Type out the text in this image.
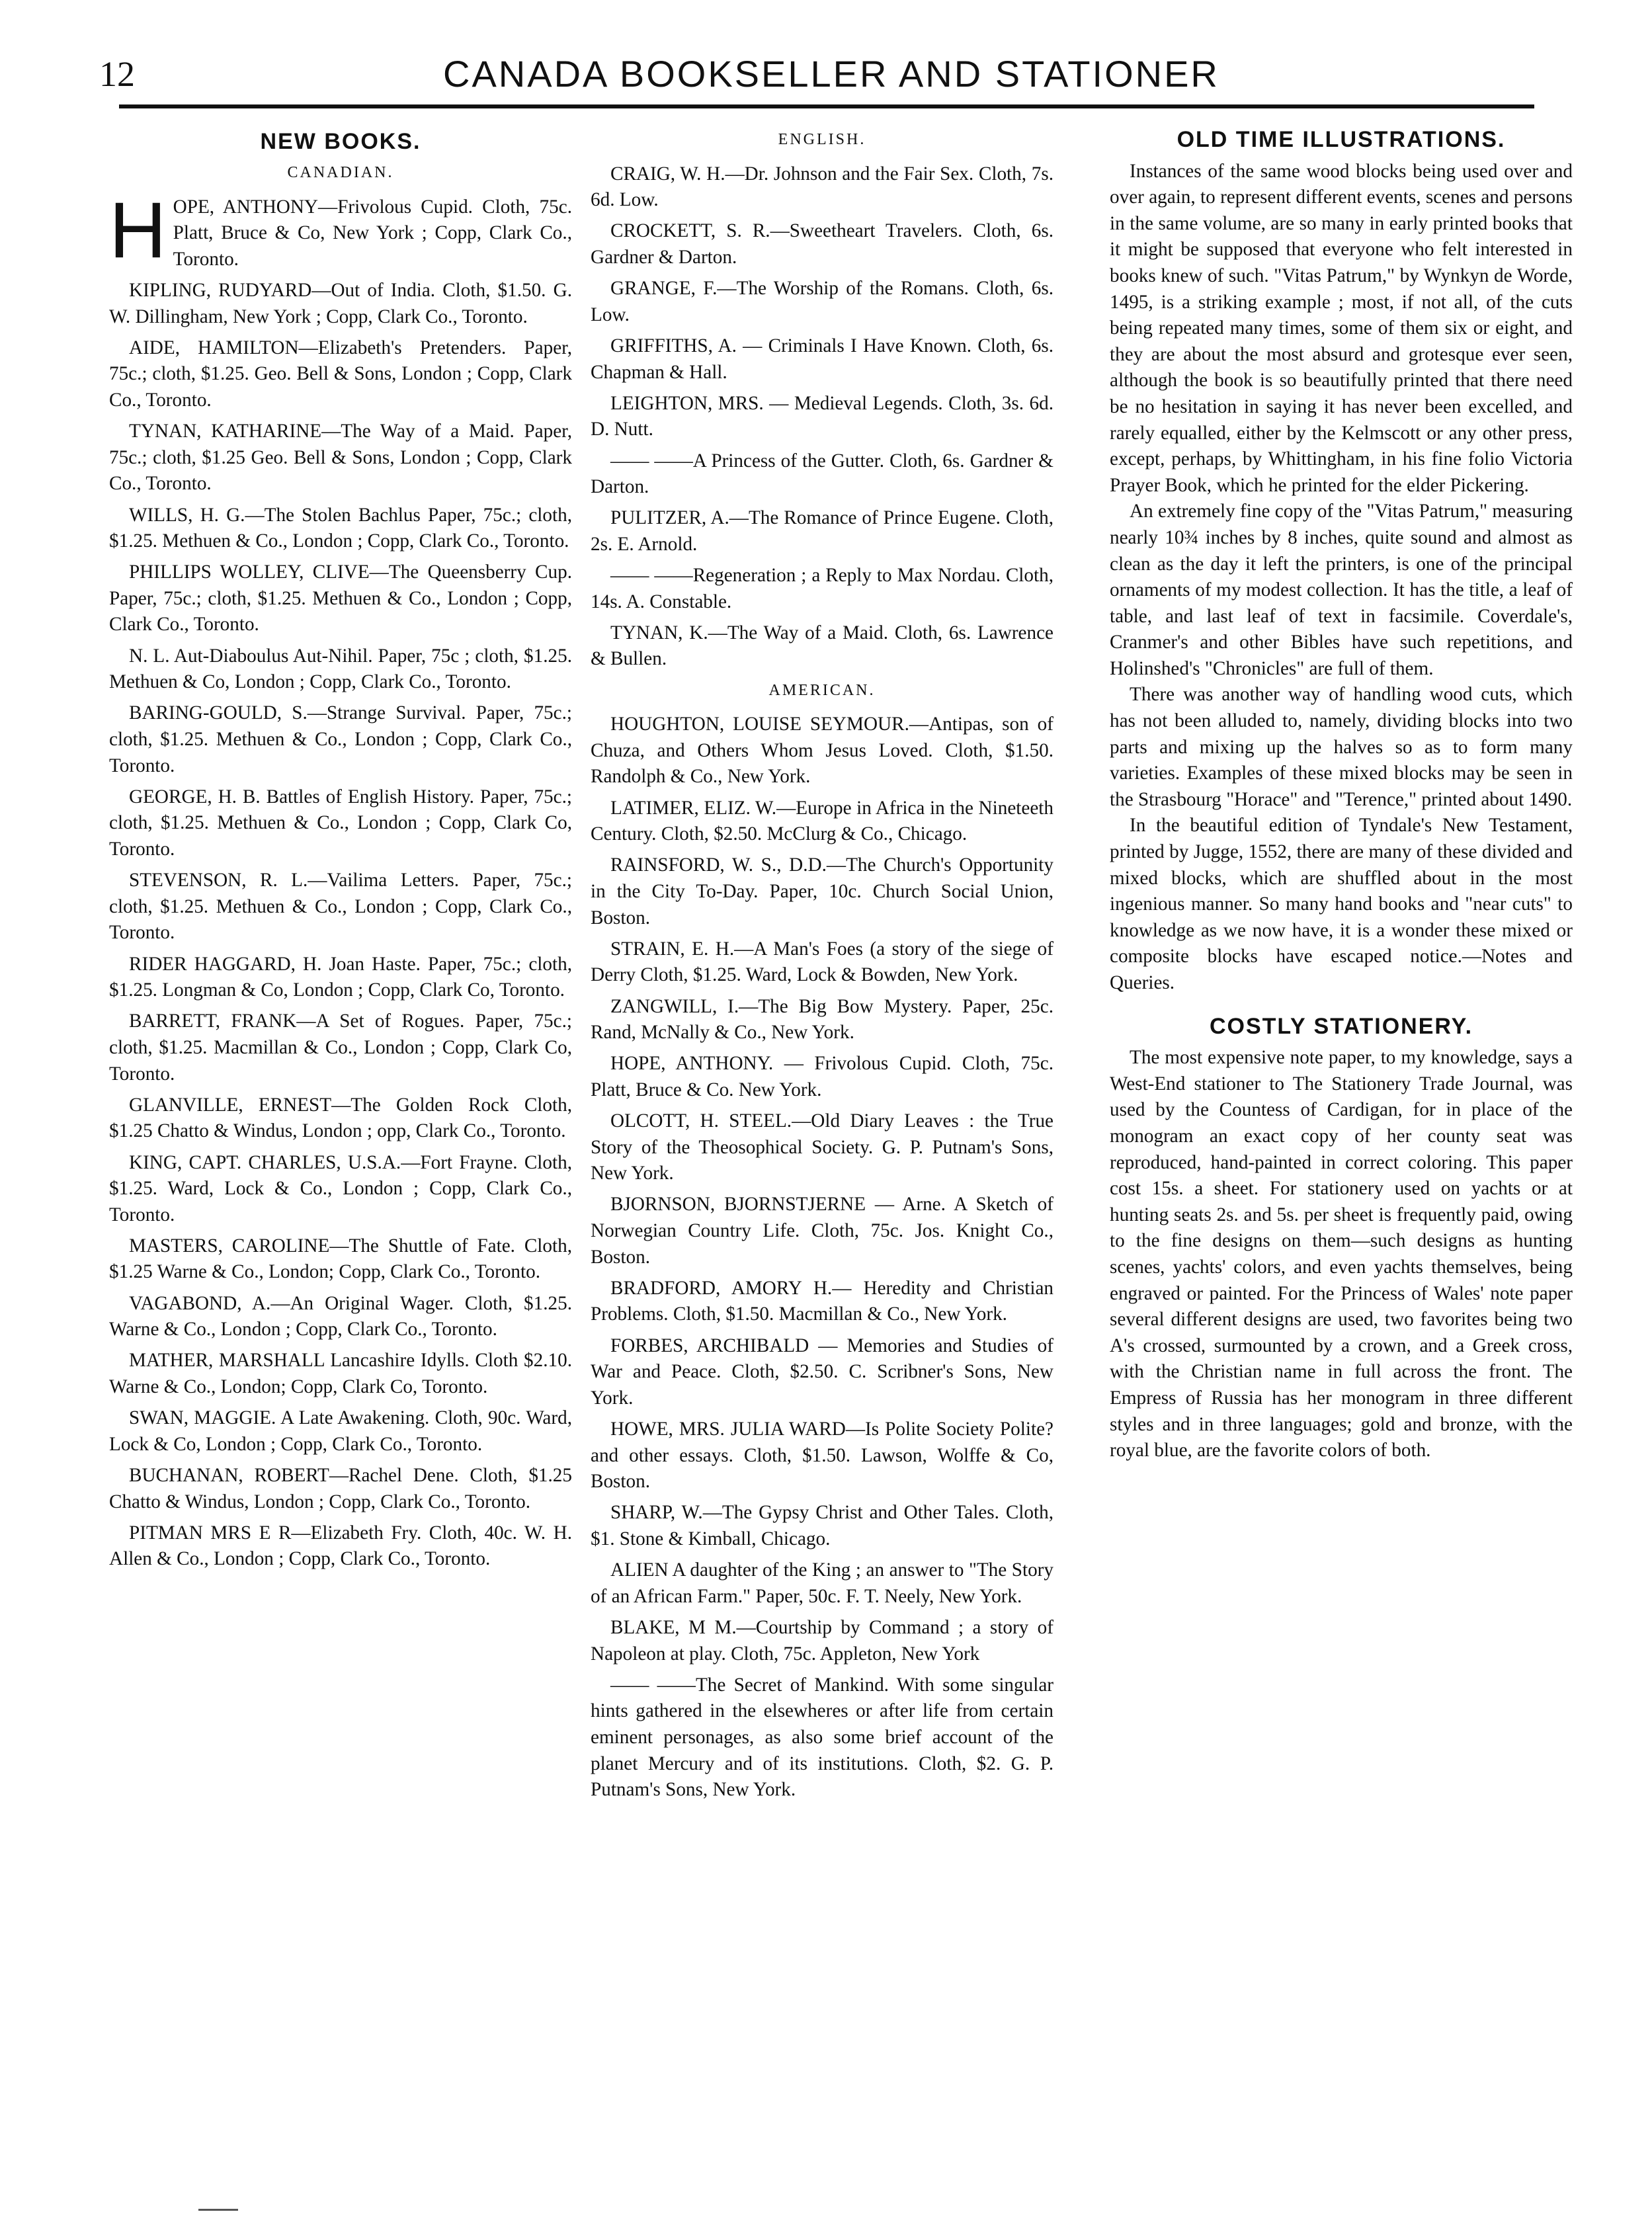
12	CANADA BOOKSELLER AND STATIONER
NEW BOOKS.
CANADIAN.
H OPE, ANTHONY—Frivolous Cupid. Cloth, 75c. Platt, Bruce & Co, New York ; Copp, Clark Co., Toronto.
KIPLING, RUDYARD—Out of India. Cloth, $1.50. G. W. Dillingham, New York ; Copp, Clark Co., Toronto.
AIDE, HAMILTON—Elizabeth's Pretenders. Paper, 75c.; cloth, $1.25. Geo. Bell & Sons, London ; Copp, Clark Co., Toronto.
TYNAN, KATHARINE—The Way of a Maid. Paper, 75c.; cloth, $1.25 Geo. Bell & Sons, London ; Copp, Clark Co., Toronto.
WILLS, H. G.—The Stolen Bachlus Paper, 75c.; cloth, $1.25. Methuen & Co., London ; Copp, Clark Co., Toronto.
PHILLIPS WOLLEY, CLIVE—The Queensberry Cup. Paper, 75c.; cloth, $1.25. Methuen & Co., London ; Copp, Clark Co., Toronto.
N. L. Aut-Diaboulus Aut-Nihil. Paper, 75c ; cloth, $1.25. Methuen & Co, London ; Copp, Clark Co., Toronto.
BARING-GOULD, S.—Strange Survival. Paper, 75c.; cloth, $1.25. Methuen & Co., London ; Copp, Clark Co., Toronto.
GEORGE, H. B. Battles of English History. Paper, 75c.; cloth, $1.25. Methuen & Co., London ; Copp, Clark Co, Toronto.
STEVENSON, R. L.—Vailima Letters. Paper, 75c.; cloth, $1.25. Methuen & Co., London ; Copp, Clark Co., Toronto.
RIDER HAGGARD, H. Joan Haste. Paper, 75c.; cloth, $1.25. Longman & Co, London ; Copp, Clark Co, Toronto.
BARRETT, FRANK—A Set of Rogues. Paper, 75c.; cloth, $1.25. Macmillan & Co., London ; Copp, Clark Co, Toronto.
GLANVILLE, ERNEST—The Golden Rock Cloth, $1.25 Chatto & Windus, London ; opp, Clark Co., Toronto.
KING, CAPT. CHARLES, U.S.A.—Fort Frayne. Cloth, $1.25. Ward, Lock & Co., London ; Copp, Clark Co., Toronto.
MASTERS, CAROLINE—The Shuttle of Fate. Cloth, $1.25 Warne & Co., London; Copp, Clark Co., Toronto.
VAGABOND, A.—An Original Wager. Cloth, $1.25. Warne & Co., London ; Copp, Clark Co., Toronto.
MATHER, MARSHALL Lancashire Idylls. Cloth $2.10. Warne & Co., London; Copp, Clark Co, Toronto.
SWAN, MAGGIE. A Late Awakening. Cloth, 90c. Ward, Lock & Co, London ; Copp, Clark Co., Toronto.
BUCHANAN, ROBERT—Rachel Dene. Cloth, $1.25 Chatto & Windus, London ; Copp, Clark Co., Toronto.
PITMAN MRS E R—Elizabeth Fry. Cloth, 40c. W. H. Allen & Co., London ; Copp, Clark Co., Toronto.
ENGLISH.
CRAIG, W. H.—Dr. Johnson and the Fair Sex. Cloth, 7s. 6d. Low.
CROCKETT, S. R.—Sweetheart Travelers. Cloth, 6s. Gardner & Darton.
GRANGE, F.—The Worship of the Romans. Cloth, 6s. Low.
GRIFFITHS, A. — Criminals I Have Known. Cloth, 6s. Chapman & Hall.
LEIGHTON, MRS. — Medieval Legends. Cloth, 3s. 6d. D. Nutt.
—— ——A Princess of the Gutter. Cloth, 6s. Gardner & Darton.
PULITZER, A.—The Romance of Prince Eugene. Cloth, 2s. E. Arnold.
—— ——Regeneration ; a Reply to Max Nordau. Cloth, 14s. A. Constable.
TYNAN, K.—The Way of a Maid. Cloth, 6s. Lawrence & Bullen.
AMERICAN.
HOUGHTON, LOUISE SEYMOUR.—Antipas, son of Chuza, and Others Whom Jesus Loved. Cloth, $1.50. Randolph & Co., New York.
LATIMER, ELIZ. W.—Europe in Africa in the Nineteeth Century. Cloth, $2.50. McClurg & Co., Chicago.
RAINSFORD, W. S., D.D.—The Church's Opportunity in the City To-Day. Paper, 10c. Church Social Union, Boston.
STRAIN, E. H.—A Man's Foes (a story of the siege of Derry Cloth, $1.25. Ward, Lock & Bowden, New York.
ZANGWILL, I.—The Big Bow Mystery. Paper, 25c. Rand, McNally & Co., New York.
HOPE, ANTHONY. — Frivolous Cupid. Cloth, 75c. Platt, Bruce & Co. New York.
OLCOTT, H. STEEL.—Old Diary Leaves : the True Story of the Theosophical Society. G. P. Putnam's Sons, New York.
BJORNSON, BJORNSTJERNE — Arne. A Sketch of Norwegian Country Life. Cloth, 75c. Jos. Knight Co., Boston.
BRADFORD, AMORY H.— Heredity and Christian Problems. Cloth, $1.50. Macmillan & Co., New York.
FORBES, ARCHIBALD — Memories and Studies of War and Peace. Cloth, $2.50. C. Scribner's Sons, New York.
HOWE, MRS. JULIA WARD—Is Polite Society Polite? and other essays. Cloth, $1.50. Lawson, Wolffe & Co, Boston.
SHARP, W.—The Gypsy Christ and Other Tales. Cloth, $1. Stone & Kimball, Chicago.
ALIEN A daughter of the King ; an answer to "The Story of an African Farm." Paper, 50c. F. T. Neely, New York.
BLAKE, M M.—Courtship by Command ; a story of Napoleon at play. Cloth, 75c. Appleton, New York
—— ——The Secret of Mankind. With some singular hints gathered in the elsewheres or after life from certain eminent personages, as also some brief account of the planet Mercury and of its institutions. Cloth, $2. G. P. Putnam's Sons, New York.
OLD TIME ILLUSTRATIONS.

Instances of the same wood blocks being used over and over again, to represent different events, scenes and persons in the same volume, are so many in early printed books that it might be supposed that everyone who felt interested in books knew of such. "Vitas Patrum," by Wynkyn de Worde, 1495, is a striking example ; most, if not all, of the cuts being repeated many times, some of them six or eight, and they are about the most absurd and grotesque ever seen, although the book is so beautifully printed that there need be no hesitation in saying it has never been excelled, and rarely equalled, either by the Kelmscott or any other press, except, perhaps, by Whittingham, in his fine folio Victoria Prayer Book, which he printed for the elder Pickering.

An extremely fine copy of the "Vitas Patrum," measuring nearly 10¾ inches by 8 inches, quite sound and almost as clean as the day it left the printers, is one of the principal ornaments of my modest collection. It has the title, a leaf of table, and last leaf of text in facsimile. Coverdale's, Cranmer's and other Bibles have such repetitions, and Holinshed's "Chronicles" are full of them.

There was another way of handling wood cuts, which has not been alluded to, namely, dividing blocks into two parts and mixing up the halves so as to form many varieties. Examples of these mixed blocks may be seen in the Strasbourg "Horace" and "Terence," printed about 1490.

In the beautiful edition of Tyndale's New Testament, printed by Jugge, 1552, there are many of these divided and mixed blocks, which are shuffled about in the most ingenious manner. So many hand books and "near cuts" to knowledge as we now have, it is a wonder these mixed or composite blocks have escaped notice.—Notes and Queries.

COSTLY STATIONERY.

The most expensive note paper, to my knowledge, says a West-End stationer to The Stationery Trade Journal, was used by the Countess of Cardigan, for in place of the monogram an exact copy of her county seat was reproduced, hand-painted in correct coloring. This paper cost 15s. a sheet. For stationery used on yachts or at hunting seats 2s. and 5s. per sheet is frequently paid, owing to the fine designs on them—such designs as hunting scenes, yachts' colors, and even yachts themselves, being engraved or painted. For the Princess of Wales' note paper several different designs are used, two favorites being two A's crossed, surmounted by a crown, and a Greek cross, with the Christian name in full across the front. The Empress of Russia has her monogram in three different styles and in three languages; gold and bronze, with the royal blue, are the favorite colors of both.
